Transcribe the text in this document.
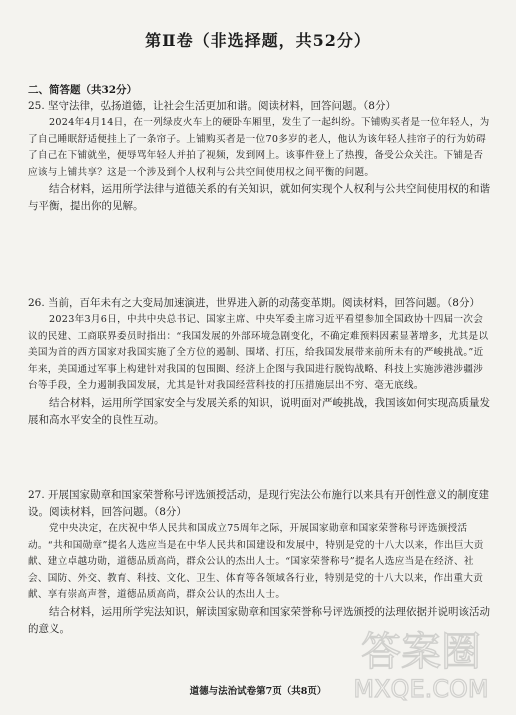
第Ⅱ卷（非选择题，共52分）
二、简答题（共32分）
25. 坚守法律，弘扬道德，让社会生活更加和谐。阅读材料，回答问题。（8分）
2024年4月14日，在一列绿皮火车上的硬卧车厢里，发生了一起纠纷。下铺购买者是一位年轻人，为了自己睡眠舒适便挂上了一条帘子。上铺购买者是一位70多岁的老人，他认为该年轻人挂帘子的行为妨碍了自己在下铺就坐，便辱骂年轻人并拍了视频，发到网上。该事件登上了热搜，备受公众关注。下铺是否应该与上铺共享？这是一个涉及到个人权利与公共空间使用权之间平衡的问题。
结合材料，运用所学法律与道德关系的有关知识，就如何实现个人权利与公共空间使用权的和谐与平衡，提出你的见解。
26. 当前，百年未有之大变局加速演进，世界进入新的动荡变革期。阅读材料，回答问题。（8分）
2023年3月6日，中共中央总书记、国家主席、中央军委主席习近平看望参加全国政协十四届一次会议的民建、工商联界委员时指出：“我国发展的外部环境急剧变化，不确定难预料因素显著增多，尤其是以美国为首的西方国家对我国实施了全方位的遏制、围堵、打压，给我国发展带来前所未有的严峻挑战。”近年来，美国通过军事上构建针对我国的包围圈、经济上企图与我国进行脱钩战略、科技上实施涉港涉疆涉台等手段，全力遏制我国发展，尤其是针对我国经营科技的打压措施层出不穷、毫无底线。
结合材料，运用所学国家安全与发展关系的知识，说明面对严峻挑战，我国该如何实现高质量发展和高水平安全的良性互动。
27. 开展国家勋章和国家荣誉称号评选颁授活动，是现行宪法公布施行以来具有开创性意义的制度建设。阅读材料，回答问题。（8分）
党中央决定，在庆祝中华人民共和国成立75周年之际，开展国家勋章和国家荣誉称号评选颁授活动。“共和国勋章”提名人选应当是在中华人民共和国建设和发展中，特别是党的十八大以来，作出巨大贡献、建立卓越功勋，道德品质高尚，群众公认的杰出人士。“国家荣誉称号”提名人选应当是在经济、社会、国防、外交、教育、科技、文化、卫生、体育等各领域各行业，特别是党的十八大以来，作出重大贡献、享有崇高声誉，道德品质高尚，群众公认的杰出人士。
结合材料，运用所学宪法知识，解读国家勋章和国家荣誉称号评选颁授的法理依据并说明该活动的意义。
道德与法治试卷第7页（共8页）
答案圈
MXQE.COM
